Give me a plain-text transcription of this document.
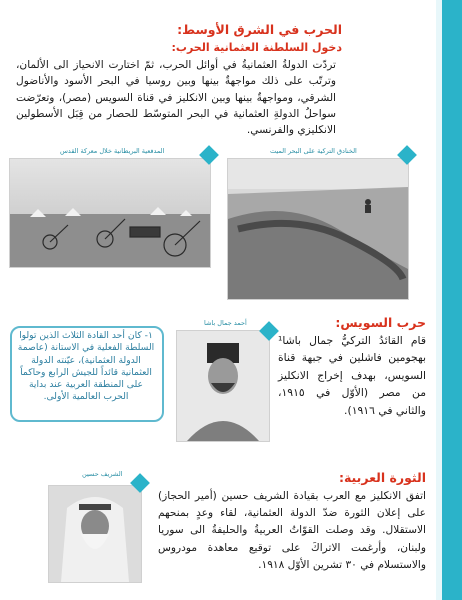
الحرب في الشرق الأوسط:
دخول السلطنة العثمانية الحرب:
تردّت الدولةُ العثمانيةُ في أوائل الحرب، ثمّ اختارت الانحياز الى الألمان، وترتّب على ذلك مواجهةٌ بينها وبين روسيا في البحر الأسود والأناضول الشرقي، ومواجهةٌ بينها وبين الانكليز في قناة السويس (مصر)، وتعرّضت سواحلُ الدولةِ العثمانية في البحر المتوسّط للحصار من قِبَل الأسطولين الانكليزي والفرنسي.
المدفعية البريطانية خلال معركة القدس	الخنادق التركية على البحر الميت
حرب السويس:
أحمد جمال باشا
قام القائدُ التركيُّ جمال باشا¹ بهجومين فاشلين في جبهة قناة السويس، بهدف إخراج الانكليز من مصر (الأوّل في ١٩١٥، والثاني في ١٩١٦).
١- كان أحد القادة الثلاث الذين تولوا السلطة الفعلية في الاستانة (عاصمة الدولة العثمانية)، عيّنته الدولة العثمانية قائداً للجيش الرابع وحاكماً على المنطقة العربية عند بداية الحرب العالمية الأولى.
الثورة العربية:
الشريف حسين
اتفق الانكليز مع العرب بقيادة الشريف حسين (أمير الحجاز) على إعلان الثورة ضدّ الدولة العثمانية، لقاء وعدٍ بمنحهم الاستقلال. وقد وصلت القوّاتُ العربيةُ والحليفةُ الى سوريا ولبنان، وأرغمت الاتراكَ على توقيع معاهدة مودروس والاستسلام في ٣٠ تشرين الأوّل ١٩١٨.
